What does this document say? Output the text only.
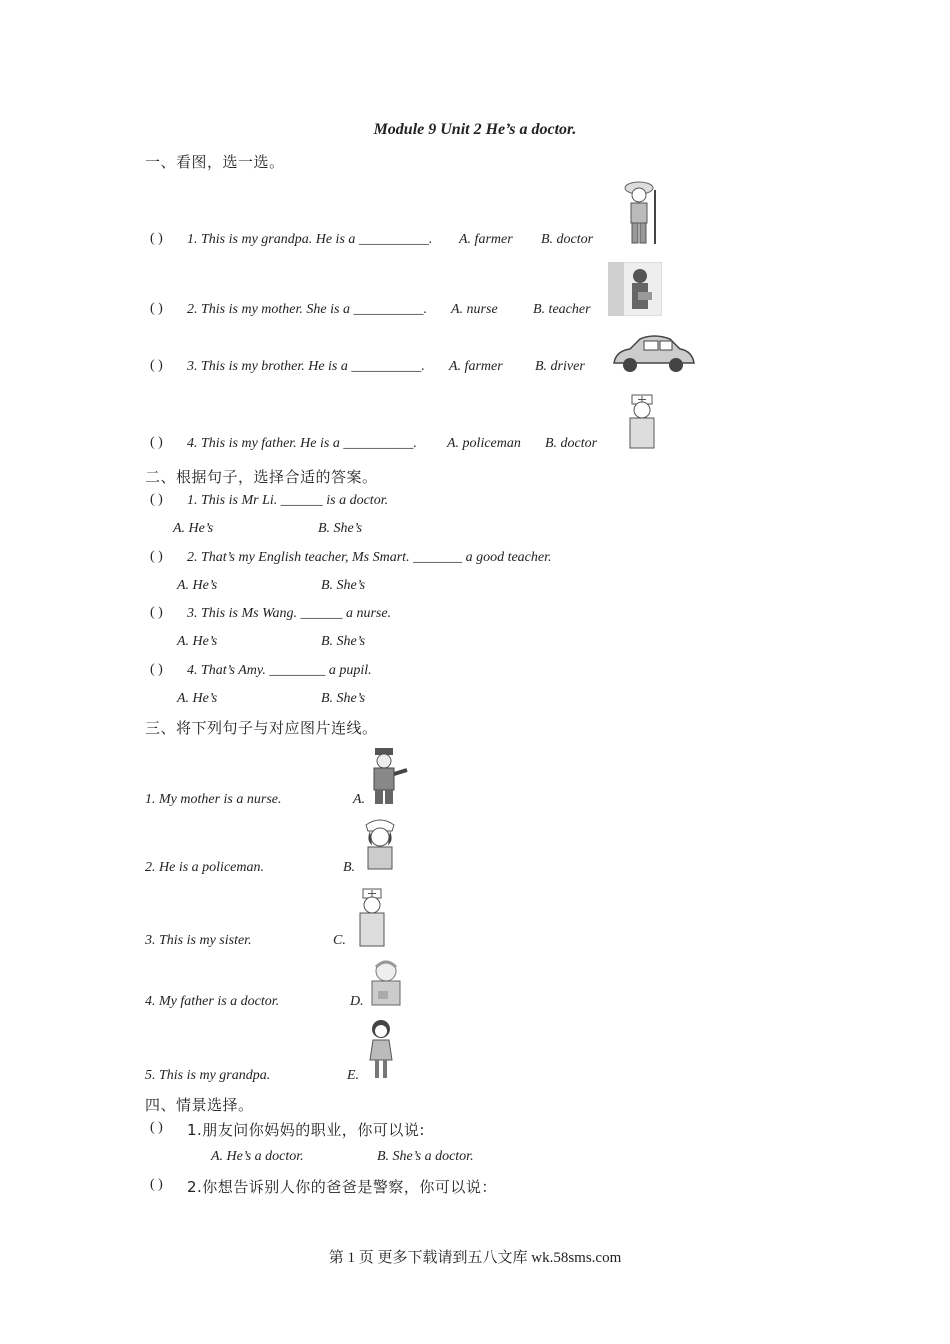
Module 9 Unit 2 He’s a doctor.
一、看图，选一选。
( ) 1. This is my grandpa. He is a __________. A. farmer B. doctor
( ) 2. This is my mother. She is a __________. A. nurse	B. teacher
( ) 3. This is my brother. He is a __________. A. farmer B. driver
( ) 4. This is my father. He is a __________. A. policeman B. doctor
二、根据句子，选择合适的答案。
( ) 1. This is Mr Li. ______ is a doctor.
A. He’s	B. She’s
( ) 2. That’s my English teacher, Ms Smart. _______ a good teacher.
A. He’s	B. She’s
( ) 3. This is Ms Wang. ______ a nurse.
A. He’s	B. She’s
( ) 4. That’s Amy. ________ a pupil.
A. He’s	B. She’s
三、将下列句子与对应图片连线。
1. My mother is a nurse.	A.
2. He is a policeman.	B.
3. This is my sister.	C.
4. My father is a doctor.	D.
5. This is my grandpa.	E.
四、情景选择。
( ) 1.朋友问你妈妈的职业，你可以说:
A. He’s a doctor.	B. She’s a doctor.
( ) 2.你想告诉别人你的爸爸是警察，你可以说：
第 1 页 更多下载请到五八文库 wk.58sms.com
